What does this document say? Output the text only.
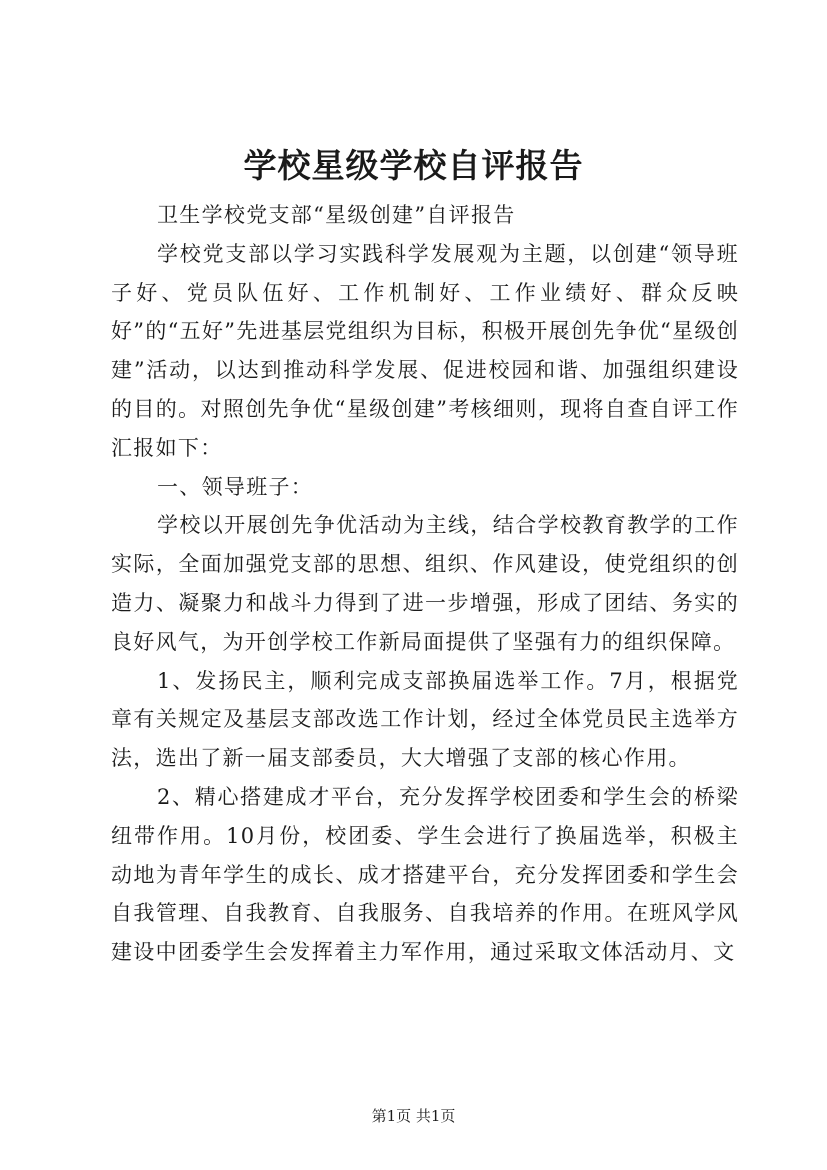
学校星级学校自评报告

卫生学校党支部“星级创建”自评报告

学校党支部以学习实践科学发展观为主题，以创建“领导班子好、党员队伍好、工作机制好、工作业绩好、群众反映好”的“五好”先进基层党组织为目标，积极开展创先争优“星级创建”活动，以达到推动科学发展、促进校园和谐、加强组织建设的目的。对照创先争优“星级创建”考核细则，现将自查自评工作汇报如下：

一、领导班子：

学校以开展创先争优活动为主线，结合学校教育教学的工作实际，全面加强党支部的思想、组织、作风建设，使党组织的创造力、凝聚力和战斗力得到了进一步增强，形成了团结、务实的良好风气，为开创学校工作新局面提供了坚强有力的组织保障。

1、发扬民主，顺利完成支部换届选举工作。7月，根据党章有关规定及基层支部改选工作计划，经过全体党员民主选举方法，选出了新一届支部委员，大大增强了支部的核心作用。

2、精心搭建成才平台，充分发挥学校团委和学生会的桥梁纽带作用。10月份，校团委、学生会进行了换届选举，积极主动地为青年学生的成长、成才搭建平台，充分发挥团委和学生会自我管理、自我教育、自我服务、自我培养的作用。在班风学风建设中团委学生会发挥着主力军作用，通过采取文体活动月、文

第1页 共1页
